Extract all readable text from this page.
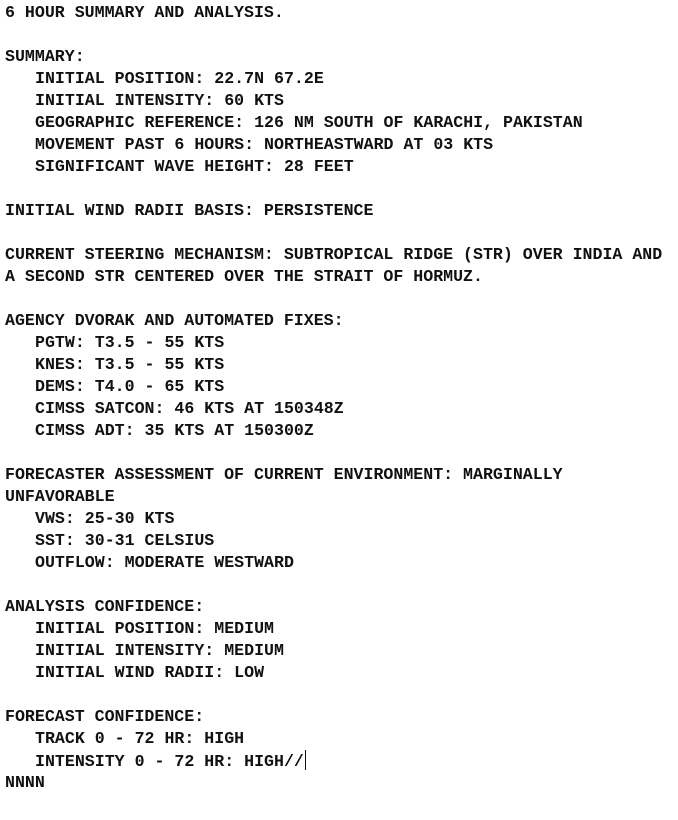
6 HOUR SUMMARY AND ANALYSIS.
SUMMARY:
INITIAL POSITION: 22.7N 67.2E
INITIAL INTENSITY: 60 KTS
GEOGRAPHIC REFERENCE: 126 NM SOUTH OF KARACHI, PAKISTAN
MOVEMENT PAST 6 HOURS: NORTHEASTWARD AT 03 KTS
SIGNIFICANT WAVE HEIGHT: 28 FEET
INITIAL WIND RADII BASIS: PERSISTENCE
CURRENT STEERING MECHANISM: SUBTROPICAL RIDGE (STR) OVER INDIA AND
A SECOND STR CENTERED OVER THE STRAIT OF HORMUZ.
AGENCY DVORAK AND AUTOMATED FIXES:
PGTW: T3.5 - 55 KTS
KNES: T3.5 - 55 KTS
DEMS: T4.0 - 65 KTS
CIMSS SATCON: 46 KTS AT 150348Z
CIMSS ADT: 35 KTS AT 150300Z
FORECASTER ASSESSMENT OF CURRENT ENVIRONMENT: MARGINALLY
UNFAVORABLE
VWS: 25-30 KTS
SST: 30-31 CELSIUS
OUTFLOW: MODERATE WESTWARD
ANALYSIS CONFIDENCE:
INITIAL POSITION: MEDIUM
INITIAL INTENSITY: MEDIUM
INITIAL WIND RADII: LOW
FORECAST CONFIDENCE:
TRACK 0 - 72 HR: HIGH
INTENSITY 0 - 72 HR: HIGH//
NNNN
